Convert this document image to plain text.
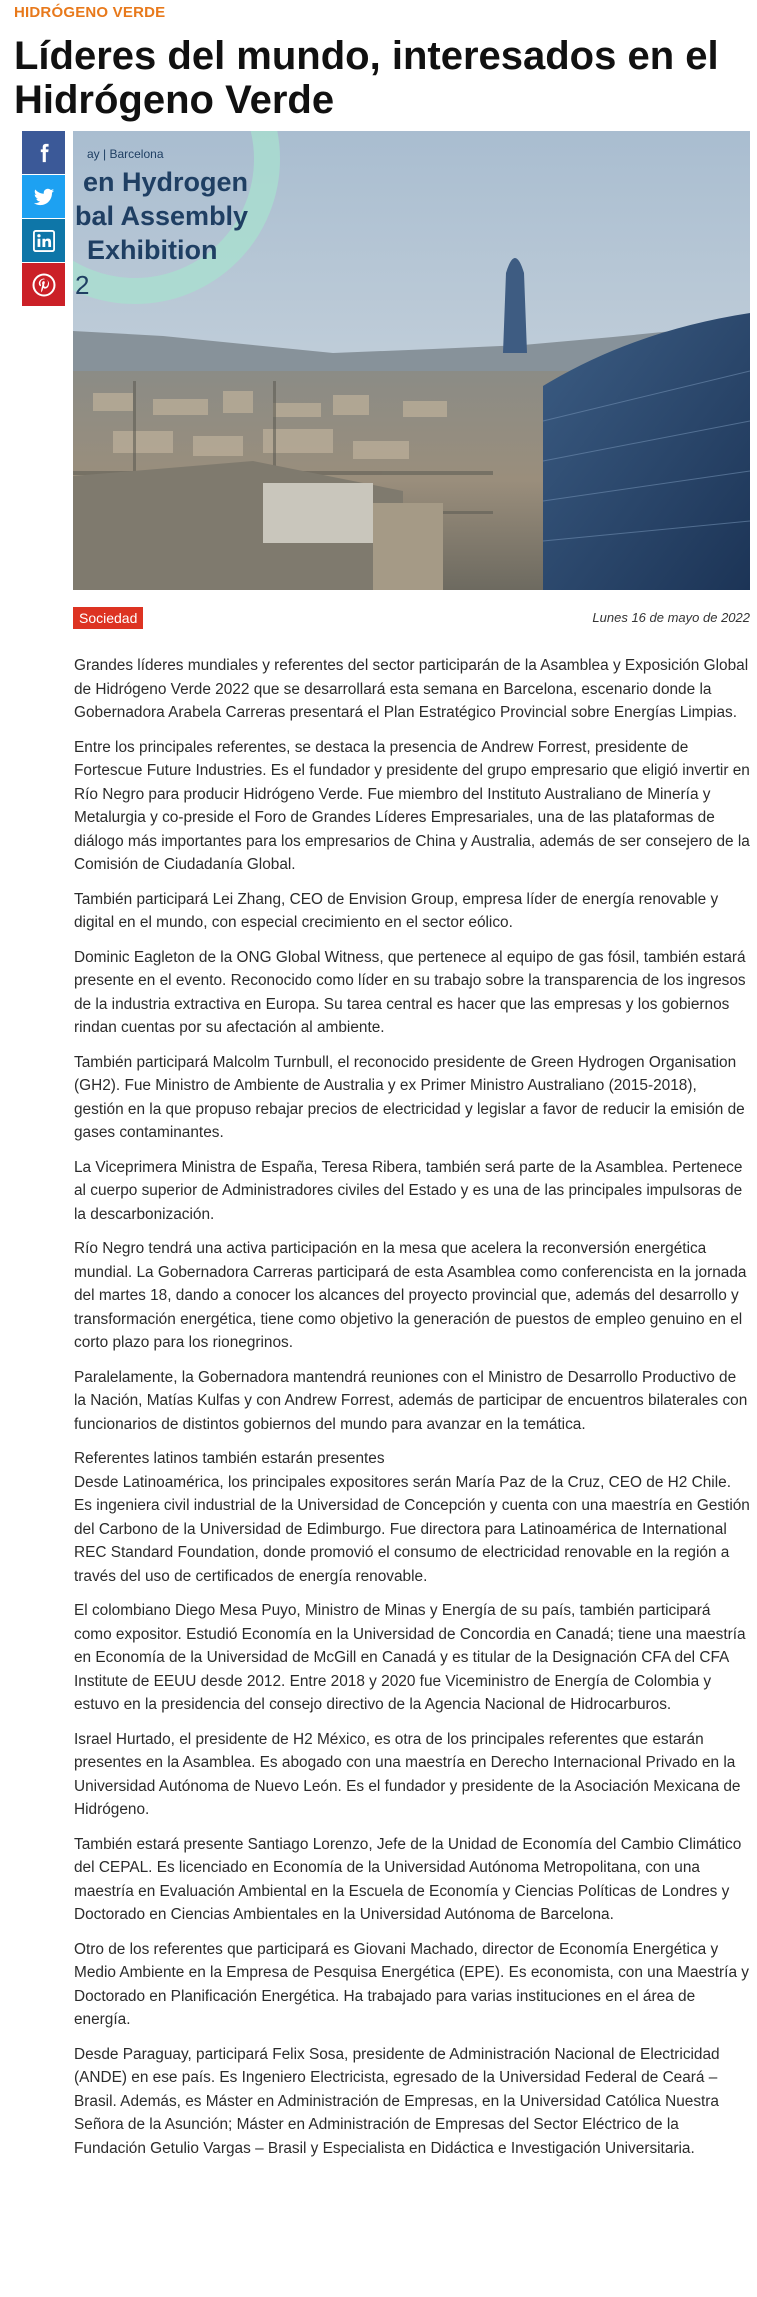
HIDRÓGENO VERDE
Líderes del mundo, interesados en el Hidrógeno Verde
ay | Barcelona
en Hydrogen
bal Assembly
Exhibition
2
Sociedad	Lunes 16 de mayo de 2022

Grandes líderes mundiales y referentes del sector participarán de la Asamblea y Exposición Global de Hidrógeno Verde 2022 que se desarrollará esta semana en Barcelona, escenario donde la Gobernadora Arabela Carreras presentará el Plan Estratégico Provincial sobre Energías Limpias.

Entre los principales referentes, se destaca la presencia de Andrew Forrest, presidente de Fortescue Future Industries. Es el fundador y presidente del grupo empresario que eligió invertir en Río Negro para producir Hidrógeno Verde. Fue miembro del Instituto Australiano de Minería y Metalurgia y co-preside el Foro de Grandes Líderes Empresariales, una de las plataformas de diálogo más importantes para los empresarios de China y Australia, además de ser consejero de la Comisión de Ciudadanía Global.

También participará Lei Zhang, CEO de Envision Group, empresa líder de energía renovable y digital en el mundo, con especial crecimiento en el sector eólico.

Dominic Eagleton de la ONG Global Witness, que pertenece al equipo de gas fósil, también estará presente en el evento. Reconocido como líder en su trabajo sobre la transparencia de los ingresos de la industria extractiva en Europa. Su tarea central es hacer que las empresas y los gobiernos rindan cuentas por su afectación al ambiente.

También participará Malcolm Turnbull, el reconocido presidente de Green Hydrogen Organisation (GH2). Fue Ministro de Ambiente de Australia y ex Primer Ministro Australiano (2015-2018), gestión en la que propuso rebajar precios de electricidad y legislar a favor de reducir la emisión de gases contaminantes.

La Viceprimera Ministra de España, Teresa Ribera, también será parte de la Asamblea. Pertenece al cuerpo superior de Administradores civiles del Estado y es una de las principales impulsoras de la descarbonización.

Río Negro tendrá una activa participación en la mesa que acelera la reconversión energética mundial. La Gobernadora Carreras participará de esta Asamblea como conferencista en la jornada del martes 18, dando a conocer los alcances del proyecto provincial que, además del desarrollo y transformación energética, tiene como objetivo la generación de puestos de empleo genuino en el corto plazo para los rionegrinos.

Paralelamente, la Gobernadora mantendrá reuniones con el Ministro de Desarrollo Productivo de la Nación, Matías Kulfas y con Andrew Forrest, además de participar de encuentros bilaterales con funcionarios de distintos gobiernos del mundo para avanzar en la temática.

Referentes latinos también estarán presentes

Desde Latinoamérica, los principales expositores serán María Paz de la Cruz, CEO de H2 Chile. Es ingeniera civil industrial de la Universidad de Concepción y cuenta con una maestría en Gestión del Carbono de la Universidad de Edimburgo. Fue directora para Latinoamérica de International REC Standard Foundation, donde promovió el consumo de electricidad renovable en la región a través del uso de certificados de energía renovable.

El colombiano Diego Mesa Puyo, Ministro de Minas y Energía de su país, también participará como expositor. Estudió Economía en la Universidad de Concordia en Canadá; tiene una maestría en Economía de la Universidad de McGill en Canadá y es titular de la Designación CFA del CFA Institute de EEUU desde 2012. Entre 2018 y 2020 fue Viceministro de Energía de Colombia y estuvo en la presidencia del consejo directivo de la Agencia Nacional de Hidrocarburos.

Israel Hurtado, el presidente de H2 México, es otra de los principales referentes que estarán presentes en la Asamblea. Es abogado con una maestría en Derecho Internacional Privado en la Universidad Autónoma de Nuevo León. Es el fundador y presidente de la Asociación Mexicana de Hidrógeno.

También estará presente Santiago Lorenzo, Jefe de la Unidad de Economía del Cambio Climático del CEPAL. Es licenciado en Economía de la Universidad Autónoma Metropolitana, con una maestría en Evaluación Ambiental en la Escuela de Economía y Ciencias Políticas de Londres y Doctorado en Ciencias Ambientales en la Universidad Autónoma de Barcelona.

Otro de los referentes que participará es Giovani Machado, director de Economía Energética y Medio Ambiente en la Empresa de Pesquisa Energética (EPE). Es economista, con una Maestría y Doctorado en Planificación Energética. Ha trabajado para varias instituciones en el área de energía.

Desde Paraguay, participará Felix Sosa, presidente de Administración Nacional de Electricidad (ANDE) en ese país. Es Ingeniero Electricista, egresado de la Universidad Federal de Ceará – Brasil. Además, es Máster en Administración de Empresas, en la Universidad Católica Nuestra Señora de la Asunción; Máster en Administración de Empresas del Sector Eléctrico de la Fundación Getulio Vargas – Brasil y Especialista en Didáctica e Investigación Universitaria.
